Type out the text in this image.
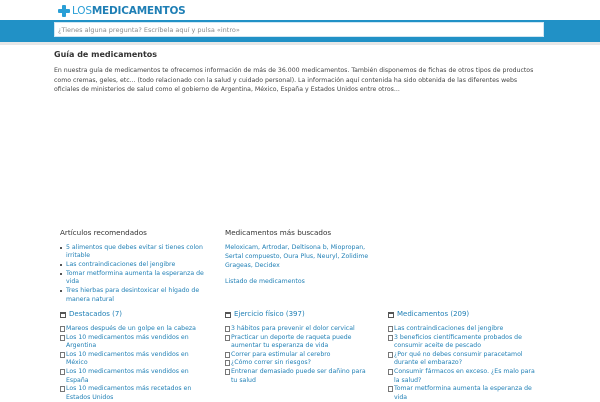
LOSMEDICAMENTOS
¿Tienes alguna pregunta? Escríbela aquí y pulsa «intro»
Guía de medicamentos

En nuestra guía de medicamentos te ofrecemos información de más de 36.000 medicamentos. También disponemos de fichas de otros tipos de productos como cremas, geles, etc... (todo relacionado con la salud y cuidado personal). La información aquí contenida ha sido obtenida de las diferentes webs oficiales de ministerios de salud como el gobierno de Argentina, México, España y Estados Unidos entre otros...

Artículos recomendados
5 alimentos que debes evitar si tienes colon irritable
Las contraindicaciones del jengibre
Tomar metformina aumenta la esperanza de vida
Tres hierbas para desintoxicar el hígado de manera natural
Medicamentos más buscados
Meloxicam, Artrodar, Deltisona b, Miopropan, Sertal compuesto, Oura Plus, Neuryl, Zolidime Grageas, Decidex
Listado de medicamentos
Destacados (7)
Mareos después de un golpe en la cabeza
Los 10 medicamentos más vendidos en Argentina
Los 10 medicamentos más vendidos en México
Los 10 medicamentos más vendidos en España
Los 10 medicamentos más recetados en Estados Unidos
Ejercicio físico (397)
3 hábitos para prevenir el dolor cervical
Practicar un deporte de raqueta puede aumentar tu esperanza de vida
Correr para estimular al cerebro
¿Cómo correr sin riesgos?
Entrenar demasiado puede ser dañino para tu salud
Medicamentos (209)
Las contraindicaciones del jengibre
3 beneficios científicamente probados de consumir aceite de pescado
¿Por qué no debes consumir paracetamol durante el embarazo?
Consumir fármacos en exceso. ¿Es malo para la salud?
Tomar metformina aumenta la esperanza de vida
